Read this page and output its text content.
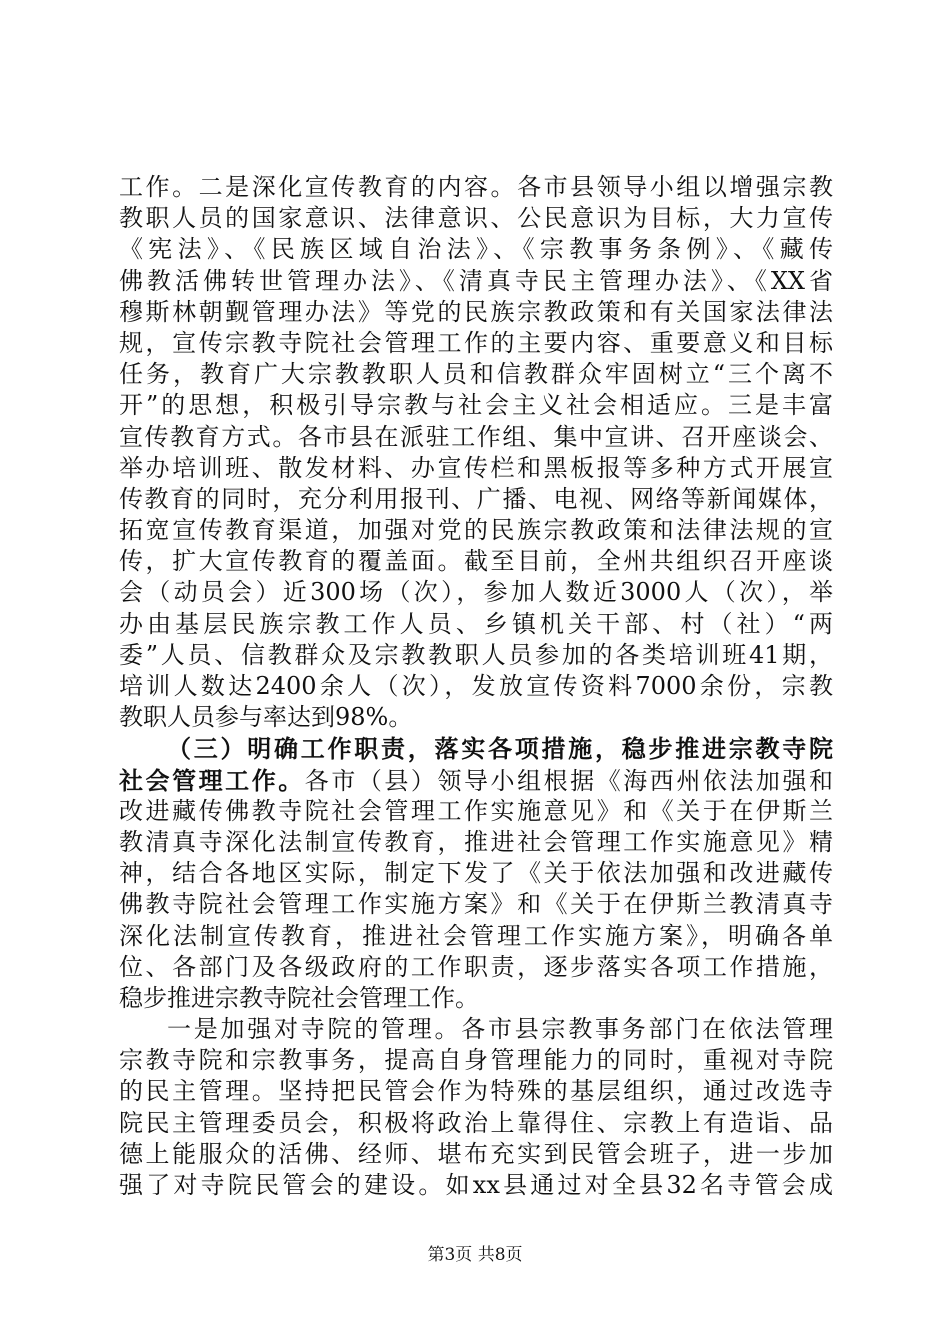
工作。二是深化宣传教育的内容。各市县领导小组以增强宗教
教职人员的国家意识、法律意识、公民意识为目标，大力宣传
《宪法》、《民族区域自治法》、《宗教事务条例》、《藏传
佛教活佛转世管理办法》、《清真寺民主管理办法》、《XX省
穆斯林朝觐管理办法》等党的民族宗教政策和有关国家法律法
规，宣传宗教寺院社会管理工作的主要内容、重要意义和目标
任务，教育广大宗教教职人员和信教群众牢固树立“三个离不
开”的思想，积极引导宗教与社会主义社会相适应。三是丰富
宣传教育方式。各市县在派驻工作组、集中宣讲、召开座谈会、
举办培训班、散发材料、办宣传栏和黑板报等多种方式开展宣
传教育的同时，充分利用报刊、广播、电视、网络等新闻媒体，
拓宽宣传教育渠道，加强对党的民族宗教政策和法律法规的宣
传，扩大宣传教育的覆盖面。截至目前，全州共组织召开座谈
会（动员会）近300场（次），参加人数近3000人（次），举
办由基层民族宗教工作人员、乡镇机关干部、村（社）“两
委”人员、信教群众及宗教教职人员参加的各类培训班41期，
培训人数达2400余人（次），发放宣传资料7000余份，宗教
教职人员参与率达到98%。
（三）明确工作职责，落实各项措施，稳步推进宗教寺院
社会管理工作。各市（县）领导小组根据《海西州依法加强和
改进藏传佛教寺院社会管理工作实施意见》和《关于在伊斯兰
教清真寺深化法制宣传教育，推进社会管理工作实施意见》精
神，结合各地区实际，制定下发了《关于依法加强和改进藏传
佛教寺院社会管理工作实施方案》和《关于在伊斯兰教清真寺
深化法制宣传教育，推进社会管理工作实施方案》，明确各单
位、各部门及各级政府的工作职责，逐步落实各项工作措施，
稳步推进宗教寺院社会管理工作。
一是加强对寺院的管理。各市县宗教事务部门在依法管理
宗教寺院和宗教事务，提高自身管理能力的同时，重视对寺院
的民主管理。坚持把民管会作为特殊的基层组织，通过改选寺
院民主管理委员会，积极将政治上靠得住、宗教上有造诣、品
德上能服众的活佛、经师、堪布充实到民管会班子，进一步加
强了对寺院民管会的建设。如xx县通过对全县32名寺管会成
第3页 共8页
